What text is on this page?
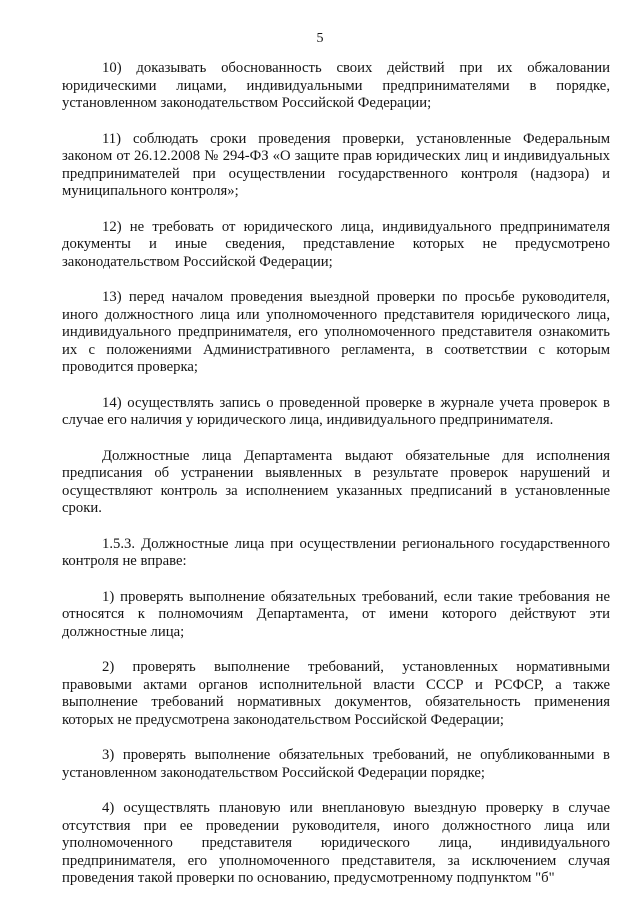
5

10) доказывать обоснованность своих действий при их обжаловании юридическими лицами, индивидуальными предпринимателями в порядке, установленном законодательством Российской Федерации;

11) соблюдать сроки проведения проверки, установленные Федеральным законом от 26.12.2008 № 294-ФЗ «О защите прав юридических лиц и индивидуальных предпринимателей при осуществлении государственного контроля (надзора) и муниципального контроля»;

12) не требовать от юридического лица, индивидуального предпринимателя документы и иные сведения, представление которых не предусмотрено законодательством Российской Федерации;

13) перед началом проведения выездной проверки по просьбе руководителя, иного должностного лица или уполномоченного представителя юридического лица, индивидуального предпринимателя, его уполномоченного представителя ознакомить их с положениями Административного регламента, в соответствии с которым проводится проверка;

14) осуществлять запись о проведенной проверке в журнале учета проверок в случае его наличия у юридического лица, индивидуального предпринимателя.

Должностные лица Департамента выдают обязательные для исполнения предписания об устранении выявленных в результате проверок нарушений и осуществляют контроль за исполнением указанных предписаний в установленные сроки.

1.5.3. Должностные лица при осуществлении регионального государственного контроля не вправе:

1) проверять выполнение обязательных требований, если такие требования не относятся к полномочиям Департамента, от имени которого действуют эти должностные лица;

2) проверять выполнение требований, установленных нормативными правовыми актами органов исполнительной власти СССР и РСФСР, а также выполнение требований нормативных документов, обязательность применения которых не предусмотрена законодательством Российской Федерации;

3) проверять выполнение обязательных требований, не опубликованными в установленном законодательством Российской Федерации порядке;

4) осуществлять плановую или внеплановую выездную проверку в случае отсутствия при ее проведении руководителя, иного должностного лица или уполномоченного представителя юридического лица, индивидуального предпринимателя, его уполномоченного представителя, за исключением случая проведения такой проверки по основанию, предусмотренному подпунктом "б"
